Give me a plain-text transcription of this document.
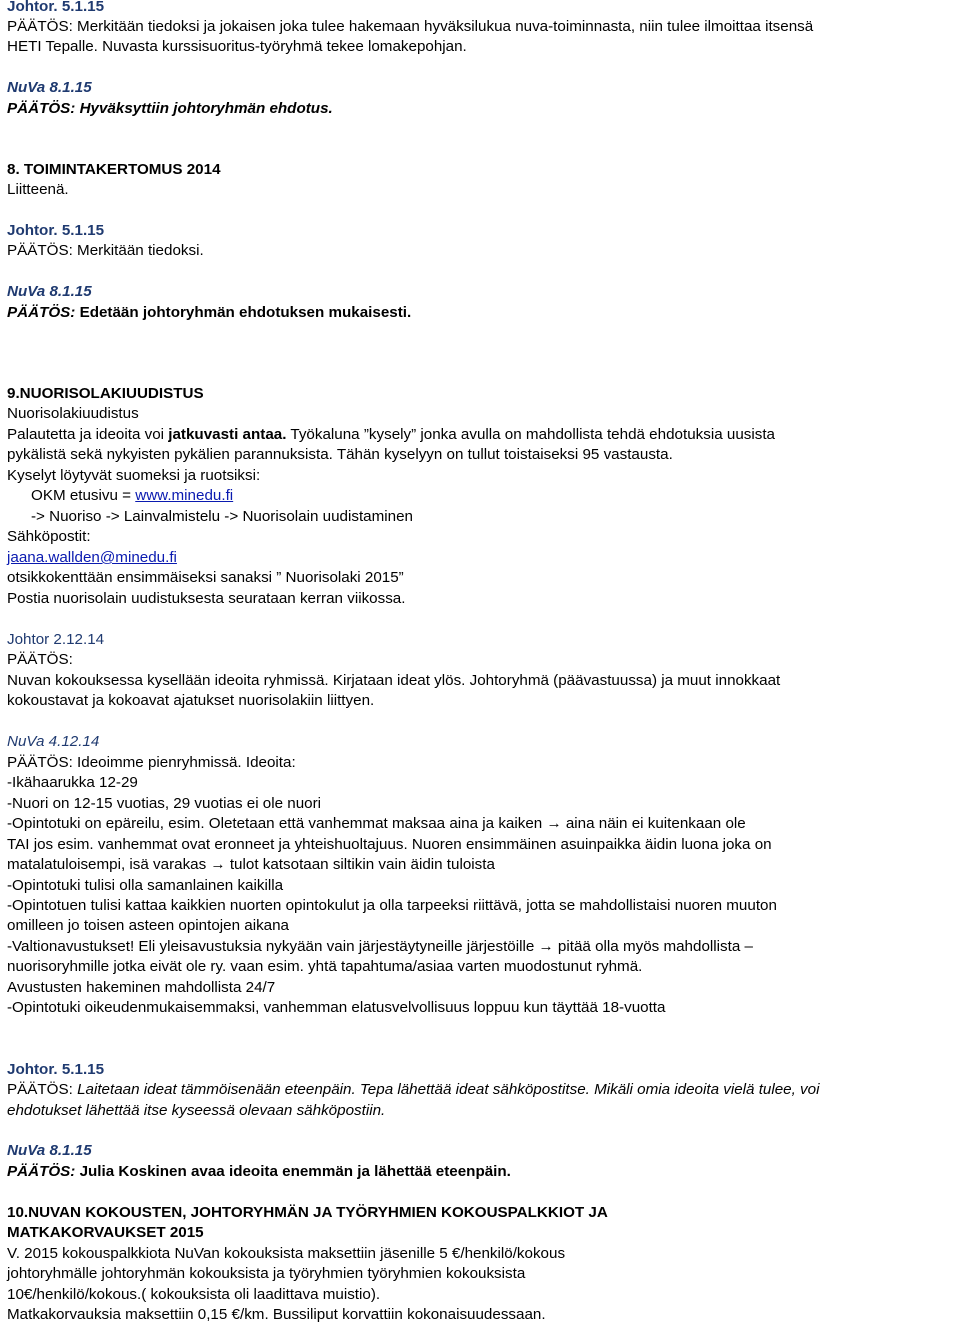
Johtor. 5.1.15
PÄÄTÖS: Merkitään tiedoksi ja jokaisen joka tulee hakemaan hyväksilukua nuva-toiminnasta, niin tulee ilmoittaa itsensä
HETI Tepalle. Nuvasta kurssisuoritus-työryhmä tekee lomakepohjan.
NuVa 8.1.15
PÄÄTÖS: Hyväksyttiin johtoryhmän ehdotus.
8. TOIMINTAKERTOMUS 2014
Liitteenä.
Johtor. 5.1.15
PÄÄTÖS: Merkitään tiedoksi.
NuVa 8.1.15
PÄÄTÖS: Edetään johtoryhmän ehdotuksen mukaisesti.
9.NUORISOLAKIUUDISTUS
Nuorisolakiuudistus
Palautetta ja ideoita voi jatkuvasti antaa. Työkaluna ”kysely” jonka avulla on mahdollista tehdä ehdotuksia uusista
pykälistä sekä nykyisten pykälien parannuksista. Tähän kyselyyn on tullut toistaiseksi 95 vastausta.
Kyselyt löytyvät suomeksi ja ruotsiksi:
OKM etusivu = www.minedu.fi
-> Nuoriso -> Lainvalmistelu -> Nuorisolain uudistaminen
Sähköpostit:
jaana.wallden@minedu.fi
otsikkokenttään ensimmäiseksi sanaksi ” Nuorisolaki 2015”
Postia nuorisolain uudistuksesta seurataan kerran viikossa.
Johtor 2.12.14
PÄÄTÖS:
Nuvan kokouksessa kysellään ideoita ryhmissä. Kirjataan ideat ylös. Johtoryhmä (päävastuussa) ja muut innokkaat
kokoustavat ja kokoavat ajatukset nuorisolakiin liittyen.
NuVa 4.12.14
PÄÄTÖS: Ideoimme pienryhmissä. Ideoita:
-Ikähaarukka 12-29
-Nuori on 12-15 vuotias, 29 vuotias ei ole nuori
-Opintotuki on epäreilu, esim. Oletetaan että vanhemmat maksaa aina ja kaiken → aina näin ei kuitenkaan ole
TAI jos esim. vanhemmat ovat eronneet ja yhteishuoltajuus. Nuoren ensimmäinen asuinpaikka äidin luona joka on
matalatuloisempi, isä varakas → tulot katsotaan siltikin vain äidin tuloista
-Opintotuki tulisi olla samanlainen kaikilla
-Opintotuen tulisi kattaa kaikkien nuorten opintokulut ja olla tarpeeksi riittävä, jotta se mahdollistaisi nuoren muuton
omilleen jo toisen asteen opintojen aikana
-Valtionavustukset! Eli yleisavustuksia nykyään vain järjestäytyneille järjestöille → pitää olla myös mahdollista –
nuorisoryhmille jotka eivät ole ry. vaan esim. yhtä tapahtuma/asiaa varten muodostunut ryhmä.
Avustusten hakeminen mahdollista 24/7
-Opintotuki oikeudenmukaisemmaksi, vanhemman elatusvelvollisuus loppuu kun täyttää 18-vuotta
Johtor. 5.1.15
PÄÄTÖS: Laitetaan ideat tämmöisenään eteenpäin. Tepa lähettää ideat sähköpostitse. Mikäli omia ideoita vielä tulee, voi
ehdotukset lähettää itse kyseessä olevaan sähköpostiin.
NuVa 8.1.15
PÄÄTÖS: Julia Koskinen avaa ideoita enemmän ja lähettää eteenpäin.
10.NUVAN KOKOUSTEN, JOHTORYHMÄN JA TYÖRYHMIEN KOKOUSPALKKIOT JA
MATKAKORVAUKSET 2015
V. 2015 kokouspalkkiota NuVan kokouksista maksettiin jäsenille 5 €/henkilö/kokous
johtoryhmälle johtoryhmän kokouksista ja työryhmien työryhmien kokouksista
10€/henkilö/kokous.( kokouksista oli laadittava muistio).
Matkakorvauksia maksettiin 0,15 €/km. Bussiliput korvattiin kokonaisuudessaan.
